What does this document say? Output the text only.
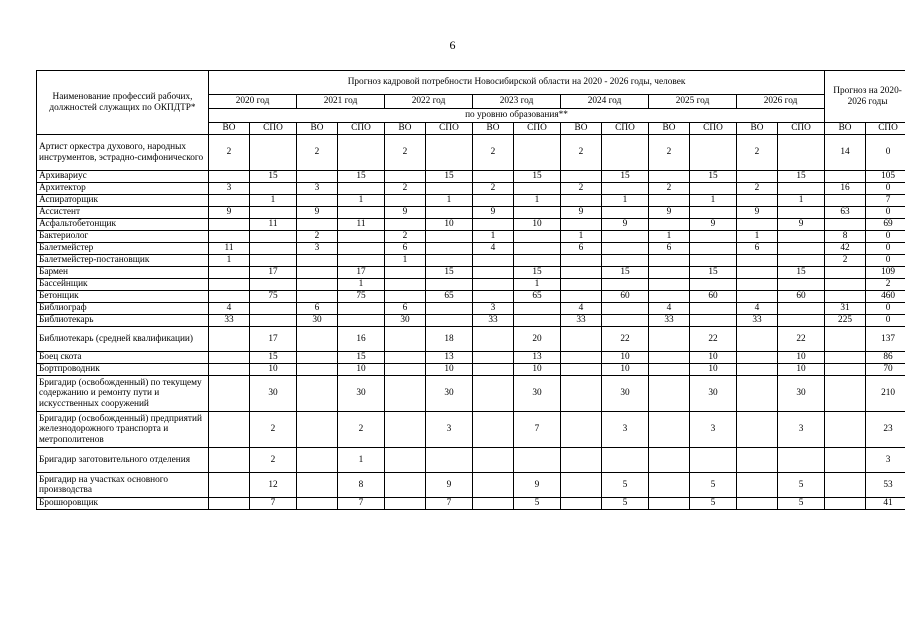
6
Наименование профессий рабочих, должностей служащих по ОКПДТР*	Прогноз кадровой потребности Новосибирской области на 2020 - 2026 годы, человек														Прогноз на 2020-2026 годы	
	2020 год		2021 год		2022 год		2023 год		2024 год		2025 год		2026 год			
	по уровню образования**															
	ВО	СПО	ВО	СПО	ВО	СПО	ВО	СПО	ВО	СПО	ВО	СПО	ВО	СПО	ВО	СПО
Артист оркестра духового, народных инструментов, эстрадно-симфонического	2		2		2		2		2		2		2		14	0
Архивариус		15		15		15		15		15		15		15		105
Архитектор	3		3		2		2		2		2		2		16	0
Аспираторщик		1		1		1		1		1		1		1		7
Ассистент	9		9		9		9		9		9		9		63	0
Асфальтобетонщик		11		11		10		10		9		9		9		69
Бактериолог			2		2		1		1		1		1		8	0
Балетмейстер	11		3		6		4		6		6		6		42	0
Балетмейстер-постановщик	1				1										2	0
Бармен		17		17		15		15		15		15		15		109
Бассейнщик				1				1								2
Бетонщик		75		75		65		65		60		60		60		460
Библиограф	4		6		6		3		4		4		4		31	0
Библиотекарь	33		30		30		33		33		33		33		225	0
Библиотекарь (средней квалификации)		17		16		18		20		22		22		22		137
Боец скота		15		15		13		13		10		10		10		86
Бортпроводник		10		10		10		10		10		10		10		70
Бригадир (освобожденный) по текущему содержанию и ремонту пути и искусственных сооружений		30		30		30		30		30		30		30		210
Бригадир (освобожденный) предприятий железнодорожного транспорта и метрополитенов		2		2		3		7		3		3		3		23
Бригадир заготовительного отделения		2		1												3
Бригадир на участках основного производства		12		8		9		9		5		5		5		53
Брошюровщик		7		7		7		5		5		5		5		41
